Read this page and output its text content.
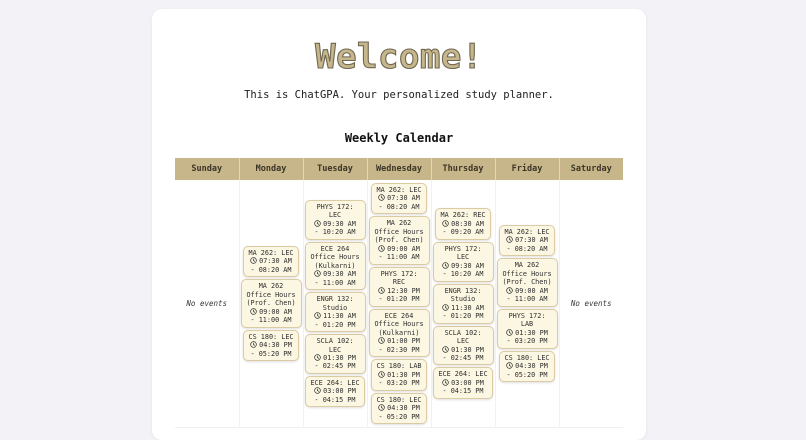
Welcome!

This is ChatGPA. Your personalized study planner.

Weekly Calendar
Sunday	Monday	Tuesday	Wednesday	Thursday	Friday	Saturday

No events

MA 262: LEC
07:30 AM
- 08:20 AM
MA 262 Office Hours (Prof. Chen)
09:00 AM
- 11:00 AM
CS 180: LEC
04:30 PM
- 05:20 PM

PHYS 172: LEC
09:30 AM
- 10:20 AM
ECE 264 Office Hours (Kulkarni)
09:30 AM
- 11:00 AM
ENGR 132: Studio
11:30 AM
- 01:20 PM
SCLA 102: LEC
01:30 PM
- 02:45 PM
ECE 264: LEC
03:00 PM
- 04:15 PM

MA 262: LEC
07:30 AM
- 08:20 AM
MA 262 Office Hours (Prof. Chen)
09:00 AM
- 11:00 AM
PHYS 172: REC
12:30 PM
- 01:20 PM
ECE 264 Office Hours (Kulkarni)
01:00 PM
- 02:30 PM
CS 180: LAB
01:30 PM
- 03:20 PM
CS 180: LEC
04:30 PM
- 05:20 PM

MA 262: REC
08:30 AM
- 09:20 AM
PHYS 172: LEC
09:30 AM
- 10:20 AM
ENGR 132: Studio
11:30 AM
- 01:20 PM
SCLA 102: LEC
01:30 PM
- 02:45 PM
ECE 264: LEC
03:00 PM
- 04:15 PM

MA 262: LEC
07:30 AM
- 08:20 AM
MA 262 Office Hours (Prof. Chen)
09:00 AM
- 11:00 AM
PHYS 172: LAB
01:30 PM
- 03:20 PM
CS 180: LEC
04:30 PM
- 05:20 PM

No events
